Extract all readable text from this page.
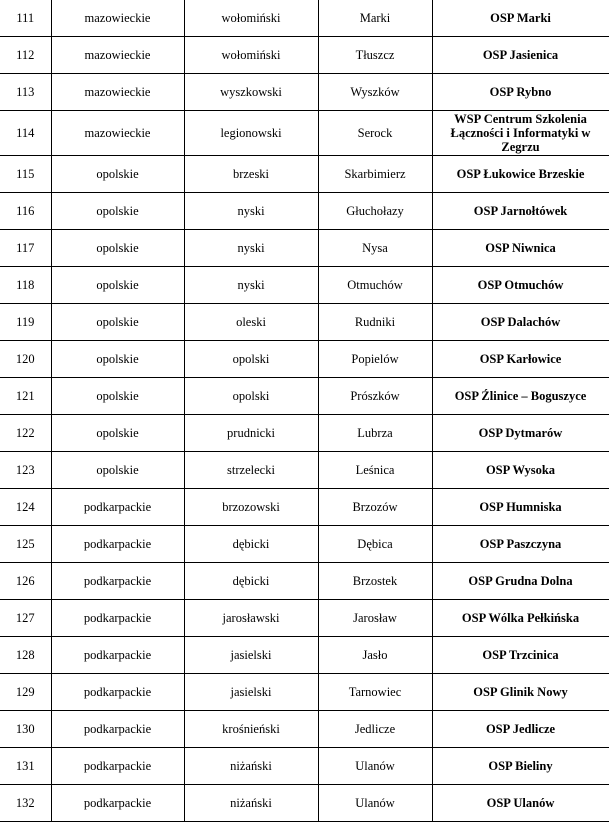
111	mazowieckie	wołomiński	Marki	OSP Marki
112	mazowieckie	wołomiński	Tłuszcz	OSP Jasienica
113	mazowieckie	wyszkowski	Wyszków	OSP Rybno
114	mazowieckie	legionowski	Serock	WSP Centrum Szkolenia Łączności i Informatyki w Zegrzu
115	opolskie	brzeski	Skarbimierz	OSP Łukowice Brzeskie
116	opolskie	nyski	Głuchołazy	OSP Jarnołtówek
117	opolskie	nyski	Nysa	OSP Niwnica
118	opolskie	nyski	Otmuchów	OSP Otmuchów
119	opolskie	oleski	Rudniki	OSP Dalachów
120	opolskie	opolski	Popielów	OSP Karłowice
121	opolskie	opolski	Prószków	OSP Źlinice – Boguszyce
122	opolskie	prudnicki	Lubrza	OSP Dytmarów
123	opolskie	strzelecki	Leśnica	OSP Wysoka
124	podkarpackie	brzozowski	Brzozów	OSP Humniska
125	podkarpackie	dębicki	Dębica	OSP Paszczyna
126	podkarpackie	dębicki	Brzostek	OSP Grudna Dolna
127	podkarpackie	jarosławski	Jarosław	OSP Wólka Pełkińska
128	podkarpackie	jasielski	Jasło	OSP Trzcinica
129	podkarpackie	jasielski	Tarnowiec	OSP Glinik Nowy
130	podkarpackie	krośnieński	Jedlicze	OSP Jedlicze
131	podkarpackie	niżański	Ulanów	OSP Bieliny
132	podkarpackie	niżański	Ulanów	OSP Ulanów
